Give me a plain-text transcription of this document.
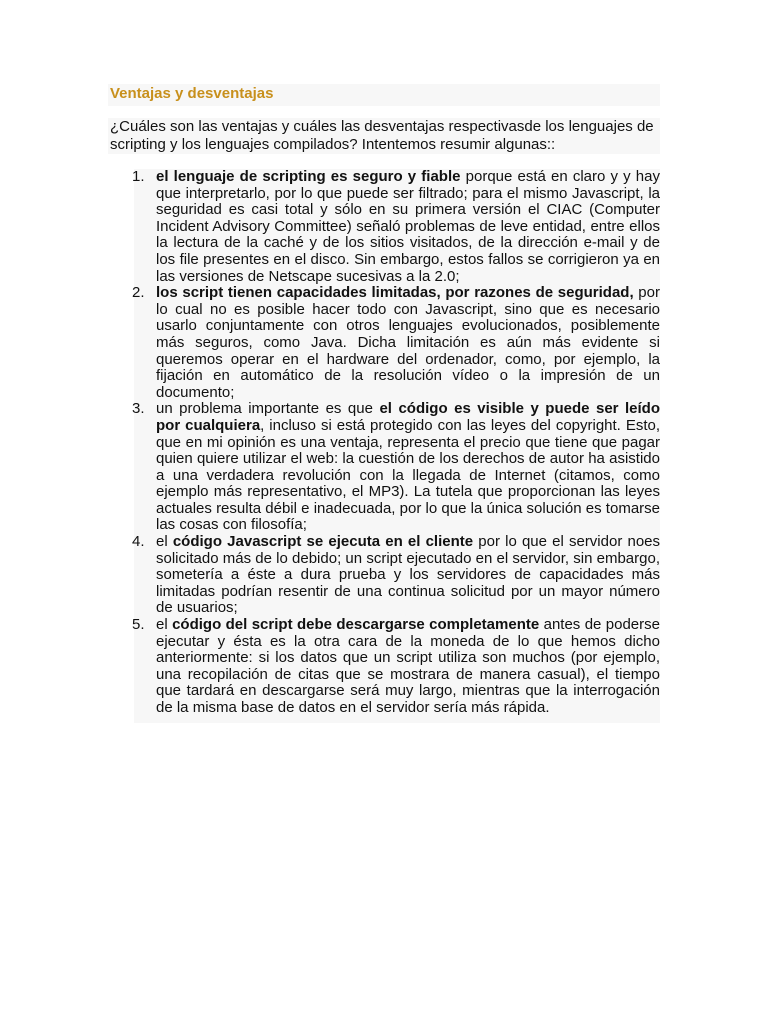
Ventajas y desventajas

¿Cuáles son las ventajas y cuáles las desventajas respectivasde los lenguajes de scripting y los lenguajes compilados? Intentemos resumir algunas::

1. el lenguaje de scripting es seguro y fiable porque está en claro y y hay que interpretarlo, por lo que puede ser filtrado; para el mismo Javascript, la seguridad es casi total y sólo en su primera versión el CIAC (Computer Incident Advisory Committee) señaló problemas de leve entidad, entre ellos la lectura de la caché y de los sitios visitados, de la dirección e-mail y de los file presentes en el disco. Sin embargo, estos fallos se corrigieron ya en las versiones de Netscape sucesivas a la 2.0;
2. los script tienen capacidades limitadas, por razones de seguridad, por lo cual no es posible hacer todo con Javascript, sino que es necesario usarlo conjuntamente con otros lenguajes evolucionados, posiblemente más seguros, como Java. Dicha limitación es aún más evidente si queremos operar en el hardware del ordenador, como, por ejemplo, la fijación en automático de la resolución vídeo o la impresión de un documento;
3. un problema importante es que el código es visible y puede ser leído por cualquiera, incluso si está protegido con las leyes del copyright. Esto, que en mi opinión es una ventaja, representa el precio que tiene que pagar quien quiere utilizar el web: la cuestión de los derechos de autor ha asistido a una verdadera revolución con la llegada de Internet (citamos, como ejemplo más representativo, el MP3). La tutela que proporcionan las leyes actuales resulta débil e inadecuada, por lo que la única solución es tomarse las cosas con filosofía;
4. el código Javascript se ejecuta en el cliente por lo que el servidor noes solicitado más de lo debido; un script ejecutado en el servidor, sin embargo, sometería a éste a dura prueba y los servidores de capacidades más limitadas podrían resentir de una continua solicitud por un mayor número de usuarios;
5. el código del script debe descargarse completamente antes de poderse ejecutar y ésta es la otra cara de la moneda de lo que hemos dicho anteriormente: si los datos que un script utiliza son muchos (por ejemplo, una recopilación de citas que se mostrara de manera casual), el tiempo que tardará en descargarse será muy largo, mientras que la interrogación de la misma base de datos en el servidor sería más rápida.
